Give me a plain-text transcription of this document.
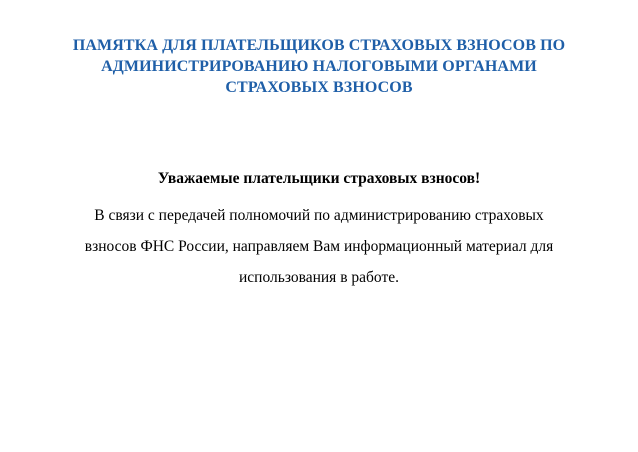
ПАМЯТКА ДЛЯ ПЛАТЕЛЬЩИКОВ СТРАХОВЫХ ВЗНОСОВ ПО
АДМИНИСТРИРОВАНИЮ НАЛОГОВЫМИ ОРГАНАМИ
СТРАХОВЫХ ВЗНОСОВ
Уважаемые плательщики страховых взносов!
В связи с передачей полномочий по администрированию страховых
взносов ФНС России, направляем Вам информационный материал для
использования в работе.
